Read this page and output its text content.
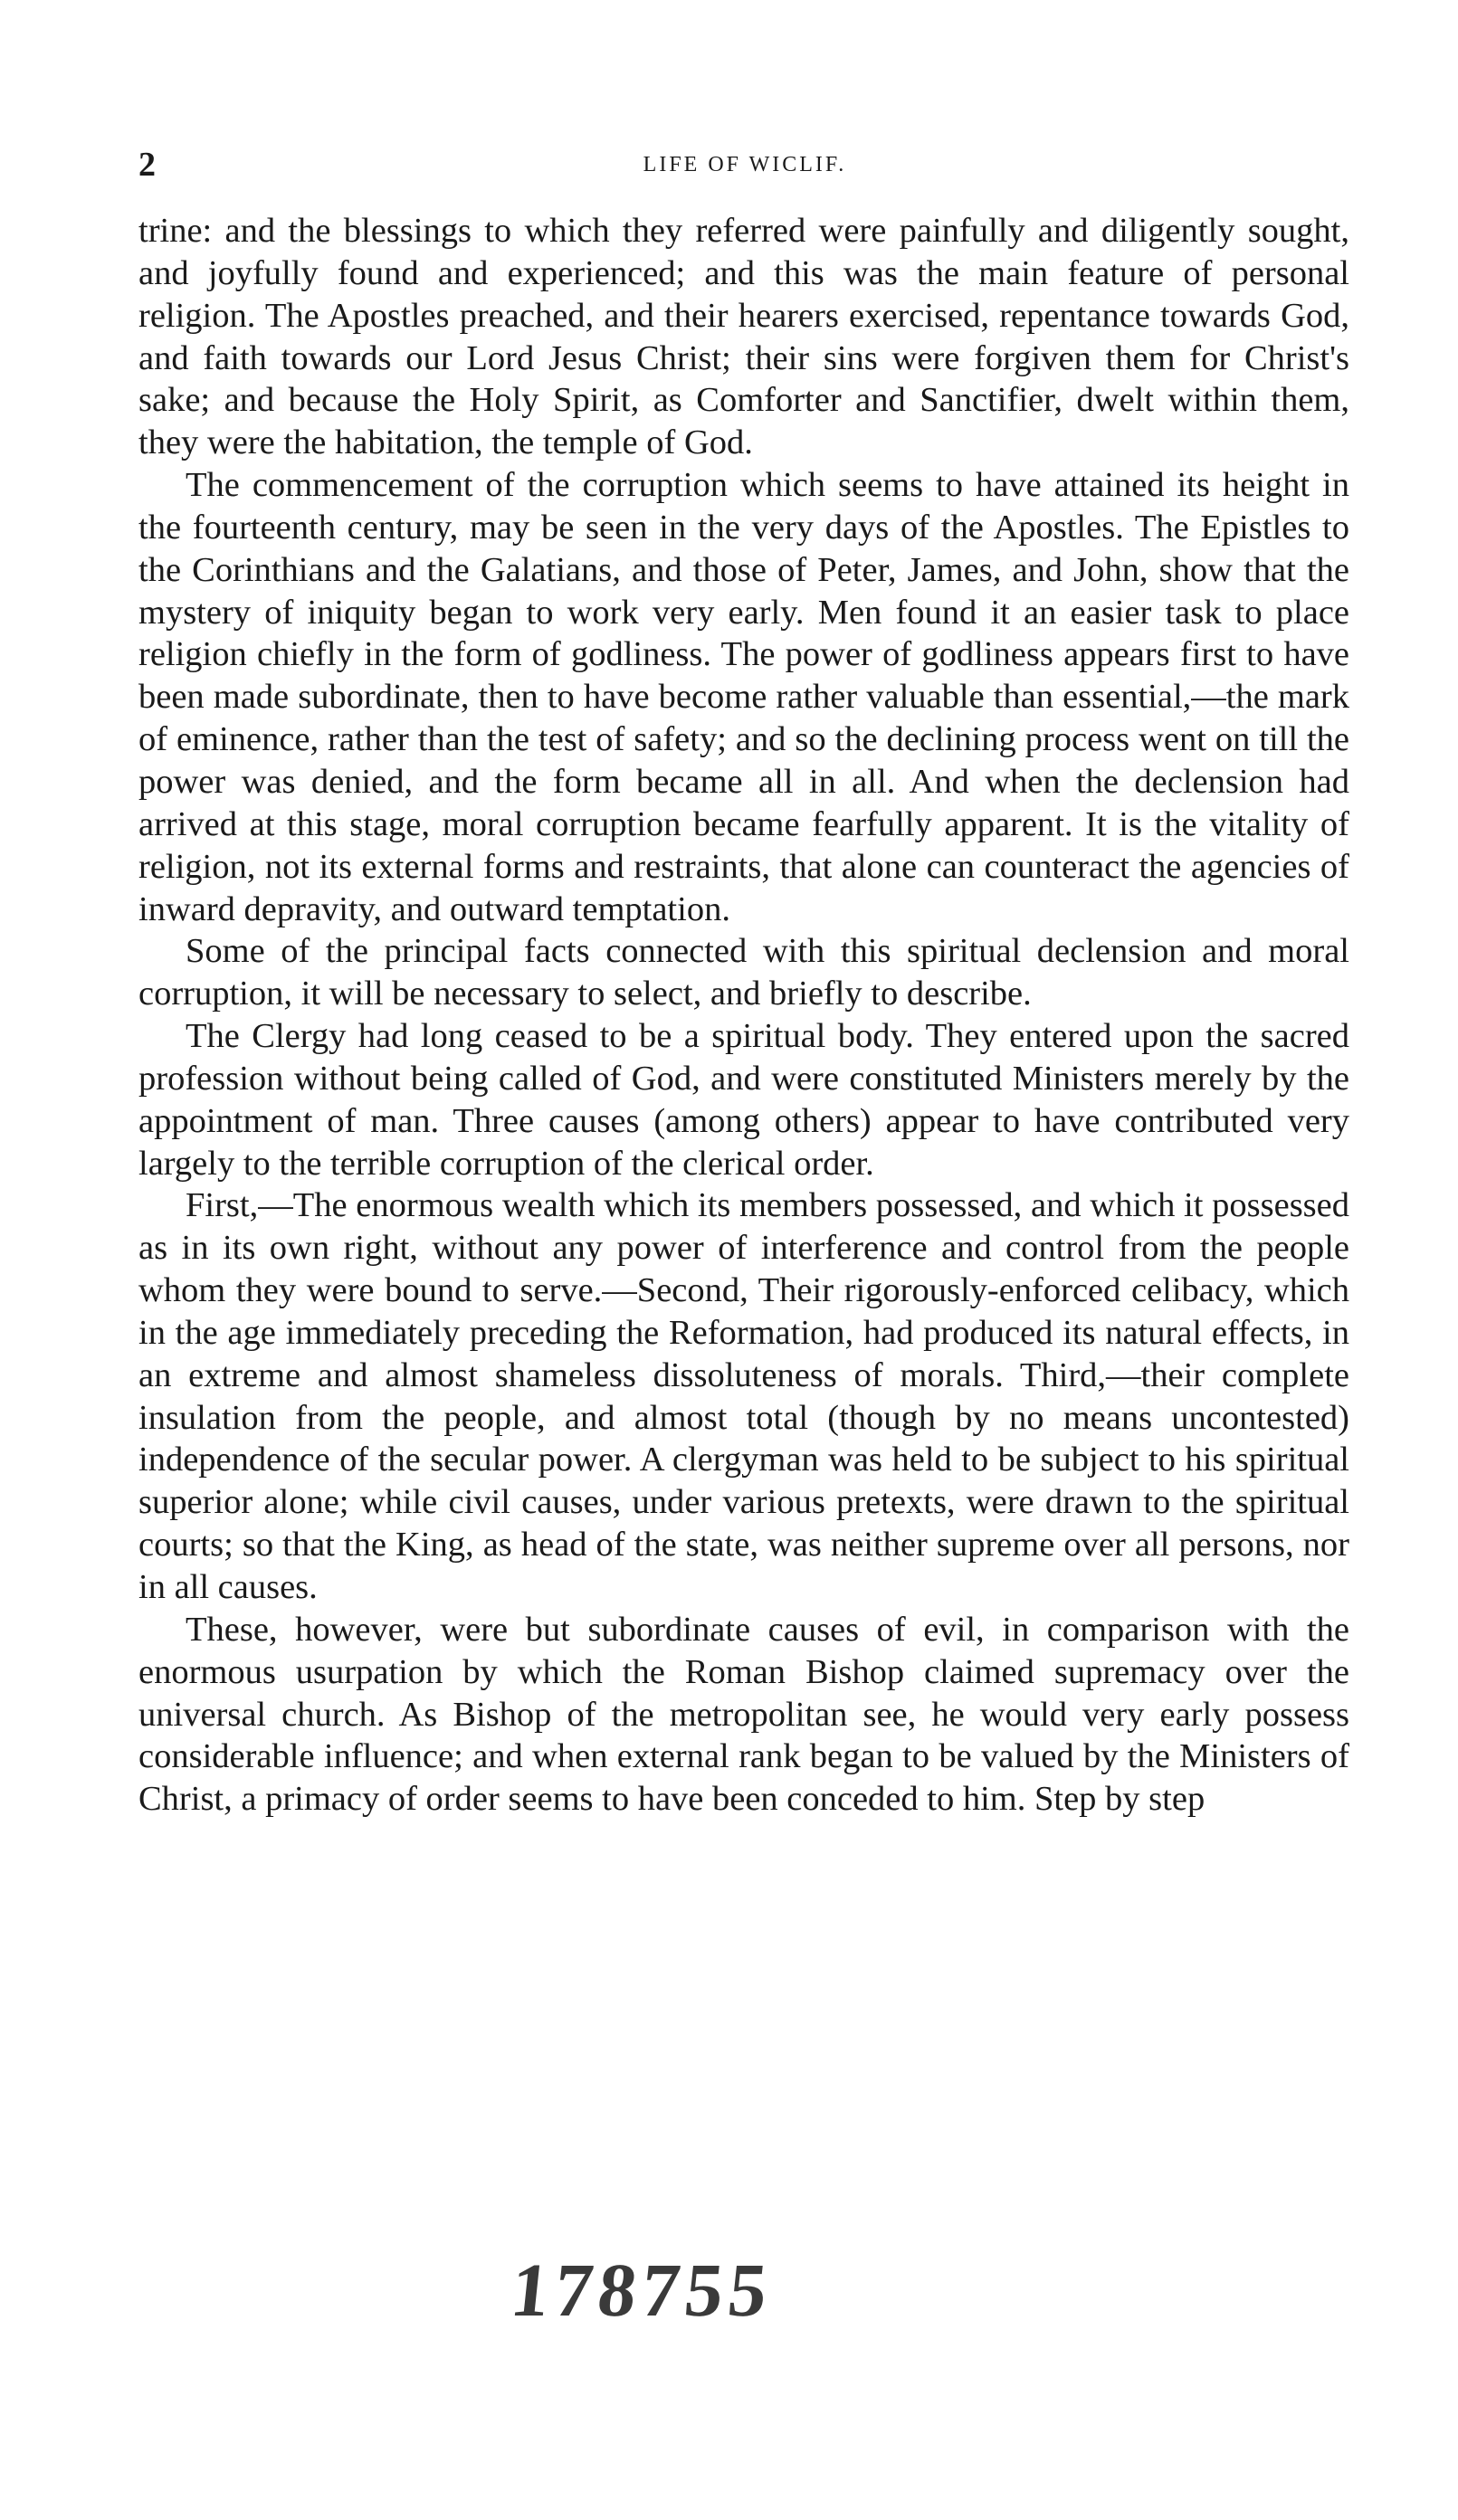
2	LIFE OF WICLIF.

trine: and the blessings to which they referred were painfully and diligently sought, and joyfully found and experienced; and this was the main feature of personal religion. The Apostles preached, and their hearers exercised, repentance towards God, and faith towards our Lord Jesus Christ; their sins were forgiven them for Christ's sake; and because the Holy Spirit, as Comforter and Sanctifier, dwelt within them, they were the habitation, the temple of God.

The commencement of the corruption which seems to have attained its height in the fourteenth century, may be seen in the very days of the Apostles. The Epistles to the Corinthians and the Galatians, and those of Peter, James, and John, show that the mystery of iniquity began to work very early. Men found it an easier task to place religion chiefly in the form of godliness. The power of godliness appears first to have been made subordinate, then to have become rather valuable than essential,—the mark of eminence, rather than the test of safety; and so the declining process went on till the power was denied, and the form became all in all. And when the declension had arrived at this stage, moral corruption became fearfully apparent. It is the vitality of religion, not its external forms and restraints, that alone can counteract the agencies of inward depravity, and outward temptation.

Some of the principal facts connected with this spiritual declension and moral corruption, it will be necessary to select, and briefly to describe.

The Clergy had long ceased to be a spiritual body. They entered upon the sacred profession without being called of God, and were constituted Ministers merely by the appointment of man. Three causes (among others) appear to have contributed very largely to the terrible corruption of the clerical order.

First,—The enormous wealth which its members possessed, and which it possessed as in its own right, without any power of interference and control from the people whom they were bound to serve.—Second, Their rigorously-enforced celibacy, which in the age immediately preceding the Reformation, had produced its natural effects, in an extreme and almost shameless dissoluteness of morals. Third,—their complete insulation from the people, and almost total (though by no means uncontested) independence of the secular power. A clergyman was held to be subject to his spiritual superior alone; while civil causes, under various pretexts, were drawn to the spiritual courts; so that the King, as head of the state, was neither supreme over all persons, nor in all causes.

These, however, were but subordinate causes of evil, in comparison with the enormous usurpation by which the Roman Bishop claimed supremacy over the universal church. As Bishop of the metropolitan see, he would very early possess considerable influence; and when external rank began to be valued by the Ministers of Christ, a primacy of order seems to have been conceded to him. Step by step

178755
